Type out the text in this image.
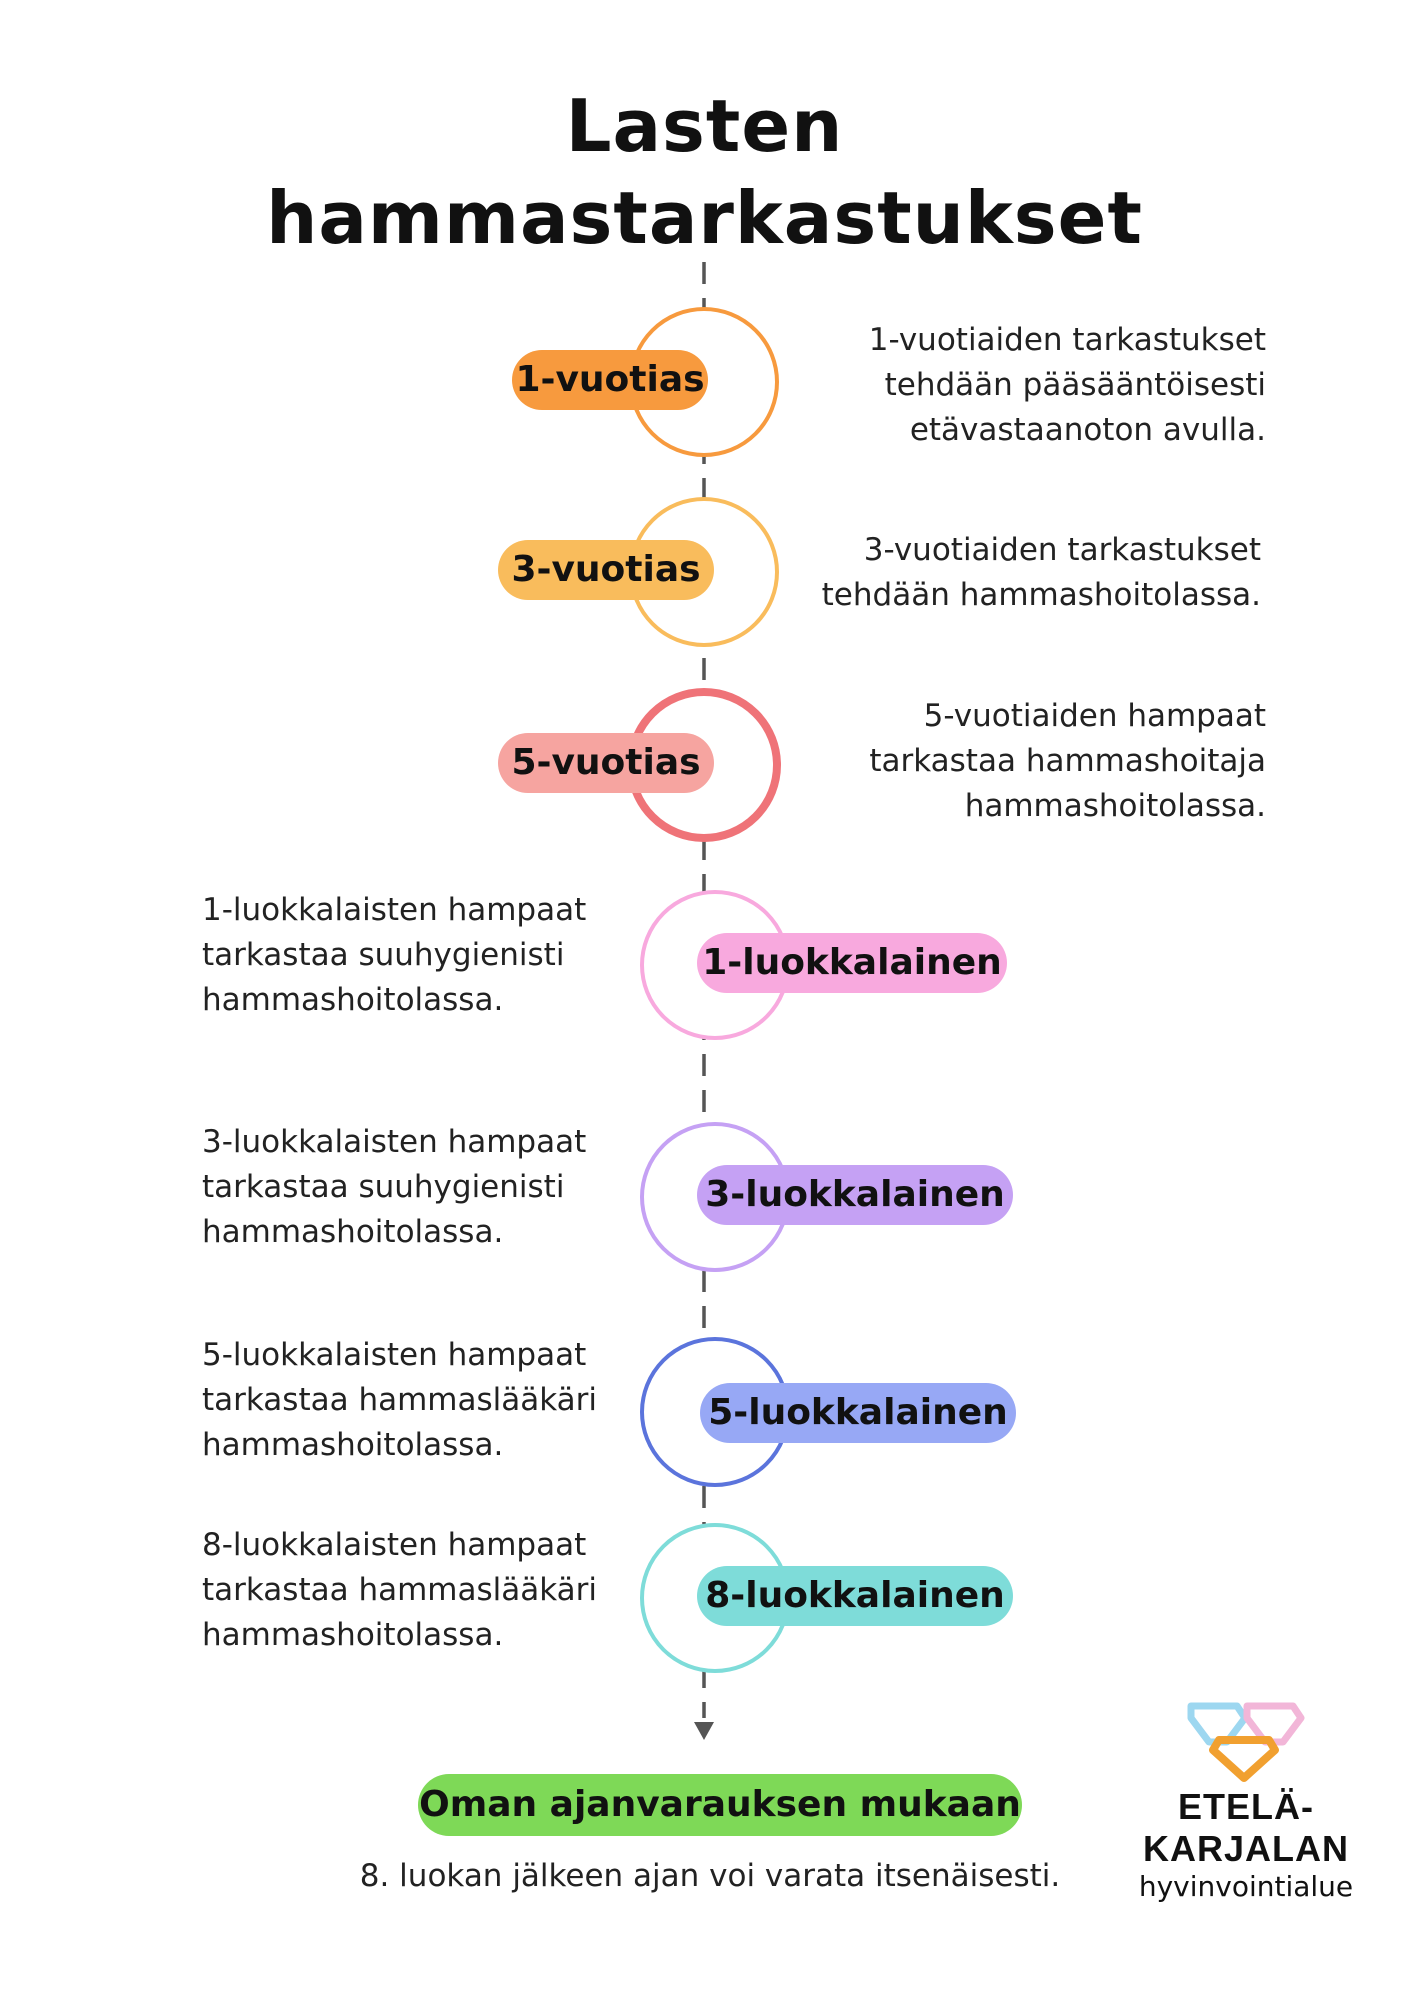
Lasten
hammastarkastukset
1-vuotias
1-vuotiaiden tarkastukset
tehdään pääsääntöisesti
etävastaanoton avulla.
3-vuotias	3-vuotiaiden tarkastukset
tehdään hammashoitolassa.
5-vuotias
5-vuotiaiden hampaat
tarkastaa hammashoitaja
hammashoitolassa.
1-luokkalainen
1-luokkalaisten hampaat
tarkastaa suuhygienisti
hammashoitolassa.
3-luokkalainen
3-luokkalaisten hampaat
tarkastaa suuhygienisti
hammashoitolassa.
5-luokkalainen
5-luokkalaisten hampaat
tarkastaa hammaslääkäri
hammashoitolassa.
8-luokkalainen
8-luokkalaisten hampaat
tarkastaa hammaslääkäri
hammashoitolassa.
Oman ajanvarauksen mukaan
8. luokan jälkeen ajan voi varata itsenäisesti.
ETELÄ-
KARJALAN
hyvinvointialue
